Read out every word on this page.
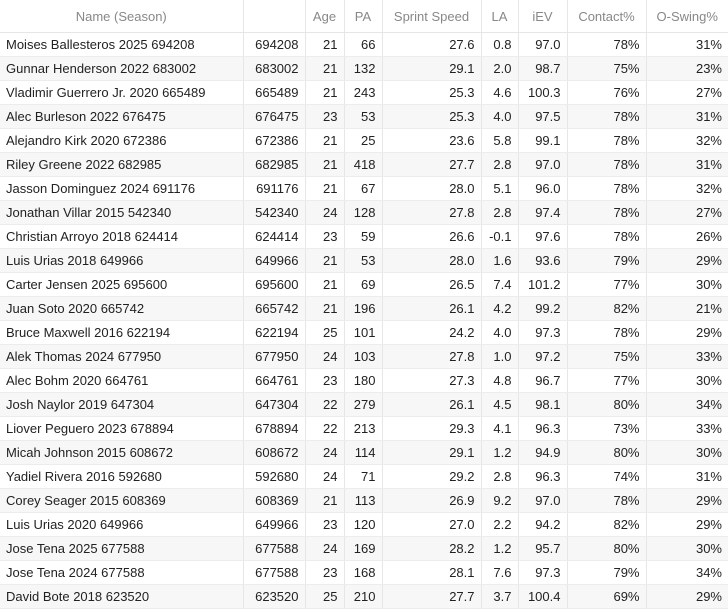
Name (Season)		Age	PA	Sprint Speed	LA	iEV	Contact%	O-Swing%
Moises Ballesteros 2025 694208	694208	21	66	27.6	0.8	97.0	78%	31%
Gunnar Henderson 2022 683002	683002	21	132	29.1	2.0	98.7	75%	23%
Vladimir Guerrero Jr. 2020 665489	665489	21	243	25.3	4.6	100.3	76%	27%
Alec Burleson 2022 676475	676475	23	53	25.3	4.0	97.5	78%	31%
Alejandro Kirk 2020 672386	672386	21	25	23.6	5.8	99.1	78%	32%
Riley Greene 2022 682985	682985	21	418	27.7	2.8	97.0	78%	31%
Jasson Dominguez 2024 691176	691176	21	67	28.0	5.1	96.0	78%	32%
Jonathan Villar 2015 542340	542340	24	128	27.8	2.8	97.4	78%	27%
Christian Arroyo 2018 624414	624414	23	59	26.6	-0.1	97.6	78%	26%
Luis Urias 2018 649966	649966	21	53	28.0	1.6	93.6	79%	29%
Carter Jensen 2025 695600	695600	21	69	26.5	7.4	101.2	77%	30%
Juan Soto 2020 665742	665742	21	196	26.1	4.2	99.2	82%	21%
Bruce Maxwell 2016 622194	622194	25	101	24.2	4.0	97.3	78%	29%
Alek Thomas 2024 677950	677950	24	103	27.8	1.0	97.2	75%	33%
Alec Bohm 2020 664761	664761	23	180	27.3	4.8	96.7	77%	30%
Josh Naylor 2019 647304	647304	22	279	26.1	4.5	98.1	80%	34%
Liover Peguero 2023 678894	678894	22	213	29.3	4.1	96.3	73%	33%
Micah Johnson 2015 608672	608672	24	114	29.1	1.2	94.9	80%	30%
Yadiel Rivera 2016 592680	592680	24	71	29.2	2.8	96.3	74%	31%
Corey Seager 2015 608369	608369	21	113	26.9	9.2	97.0	78%	29%
Luis Urias 2020 649966	649966	23	120	27.0	2.2	94.2	82%	29%
Jose Tena 2025 677588	677588	24	169	28.2	1.2	95.7	80%	30%
Jose Tena 2024 677588	677588	23	168	28.1	7.6	97.3	79%	34%
David Bote 2018 623520	623520	25	210	27.7	3.7	100.4	69%	29%
